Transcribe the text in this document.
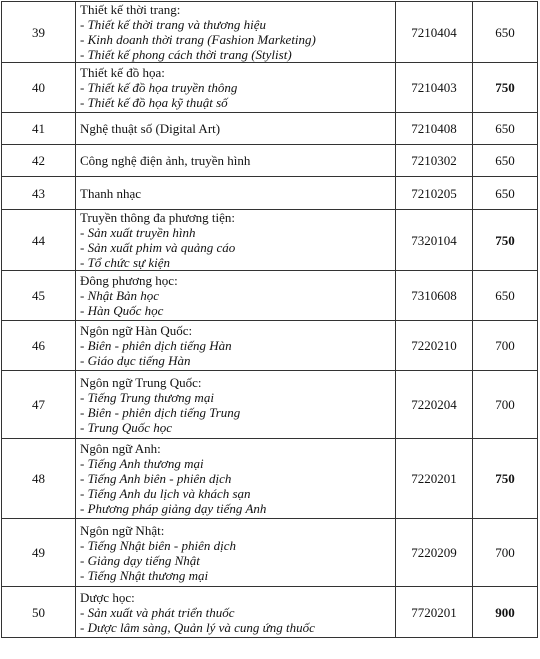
39	Thiết kế thời trang:
- Thiết kế thời trang và thương hiệu
- Kinh doanh thời trang (Fashion Marketing)
- Thiết kế phong cách thời trang (Stylist)	7210404	650
40	Thiết kế đồ họa:
- Thiết kế đồ họa truyền thông
- Thiết kế đồ họa kỹ thuật số	7210403	750
41	Nghệ thuật số (Digital Art)	7210408	650
42	Công nghệ điện ảnh, truyền hình	7210302	650
43	Thanh nhạc	7210205	650
44	Truyền thông đa phương tiện:
- Sản xuất truyền hình
- Sản xuất phim và quảng cáo
- Tổ chức sự kiện	7320104	750
45	Đông phương học:
- Nhật Bản học
- Hàn Quốc học	7310608	650
46	Ngôn ngữ Hàn Quốc:
- Biên - phiên dịch tiếng Hàn
- Giáo dục tiếng Hàn	7220210	700
47	Ngôn ngữ Trung Quốc:
- Tiếng Trung thương mại
- Biên - phiên dịch tiếng Trung
- Trung Quốc học	7220204	700
48	Ngôn ngữ Anh:
- Tiếng Anh thương mại
- Tiếng Anh biên - phiên dịch
- Tiếng Anh du lịch và khách sạn
- Phương pháp giảng dạy tiếng Anh	7220201	750
49	Ngôn ngữ Nhật:
- Tiếng Nhật biên - phiên dịch
- Giảng dạy tiếng Nhật
- Tiếng Nhật thương mại	7220209	700
50	Dược học:
- Sản xuất và phát triển thuốc
- Dược lâm sàng, Quản lý và cung ứng thuốc	7720201	900
